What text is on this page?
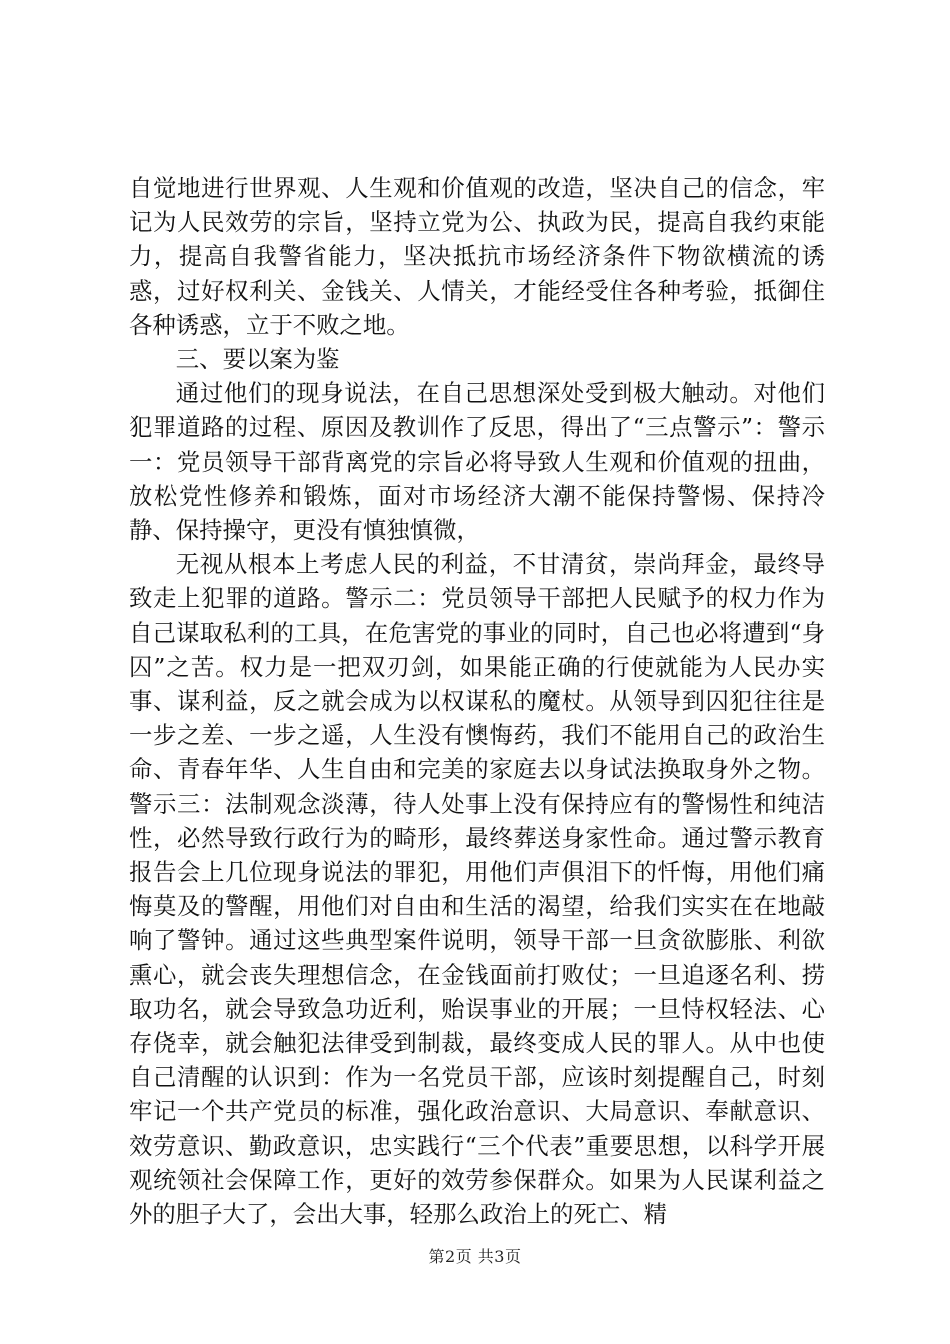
自觉地进行世界观、人生观和价值观的改造，坚决自己的信念，牢记为人民效劳的宗旨，坚持立党为公、执政为民，提高自我约束能力，提高自我警省能力，坚决抵抗市场经济条件下物欲横流的诱惑，过好权利关、金钱关、人情关，才能经受住各种考验，抵御住各种诱惑，立于不败之地。

三、要以案为鉴

通过他们的现身说法，在自己思想深处受到极大触动。对他们犯罪道路的过程、原因及教训作了反思，得出了“三点警示”：警示一：党员领导干部背离党的宗旨必将导致人生观和价值观的扭曲，放松党性修养和锻炼，面对市场经济大潮不能保持警惕、保持冷静、保持操守，更没有慎独慎微，

无视从根本上考虑人民的利益，不甘清贫，崇尚拜金，最终导致走上犯罪的道路。警示二：党员领导干部把人民赋予的权力作为自己谋取私利的工具，在危害党的事业的同时，自己也必将遭到“身囚”之苦。权力是一把双刃剑，如果能正确的行使就能为人民办实事、谋利益，反之就会成为以权谋私的魔杖。从领导到囚犯往往是一步之差、一步之遥，人生没有懊悔药，我们不能用自己的政治生命、青春年华、人生自由和完美的家庭去以身试法换取身外之物。警示三：法制观念淡薄，待人处事上没有保持应有的警惕性和纯洁性，必然导致行政行为的畸形，最终葬送身家性命。通过警示教育报告会上几位现身说法的罪犯，用他们声俱泪下的忏悔，用他们痛悔莫及的警醒，用他们对自由和生活的渴望，给我们实实在在地敲响了警钟。通过这些典型案件说明，领导干部一旦贪欲膨胀、利欲熏心，就会丧失理想信念，在金钱面前打败仗；一旦追逐名利、捞取功名，就会导致急功近利，贻误事业的开展；一旦恃权轻法、心存侥幸，就会触犯法律受到制裁，最终变成人民的罪人。从中也使自己清醒的认识到：作为一名党员干部，应该时刻提醒自己，时刻牢记一个共产党员的标准，强化政治意识、大局意识、奉献意识、效劳意识、勤政意识，忠实践行“三个代表”重要思想，以科学开展观统领社会保障工作，更好的效劳参保群众。如果为人民谋利益之外的胆子大了，会出大事，轻那么政治上的死亡、精

第2页 共3页
